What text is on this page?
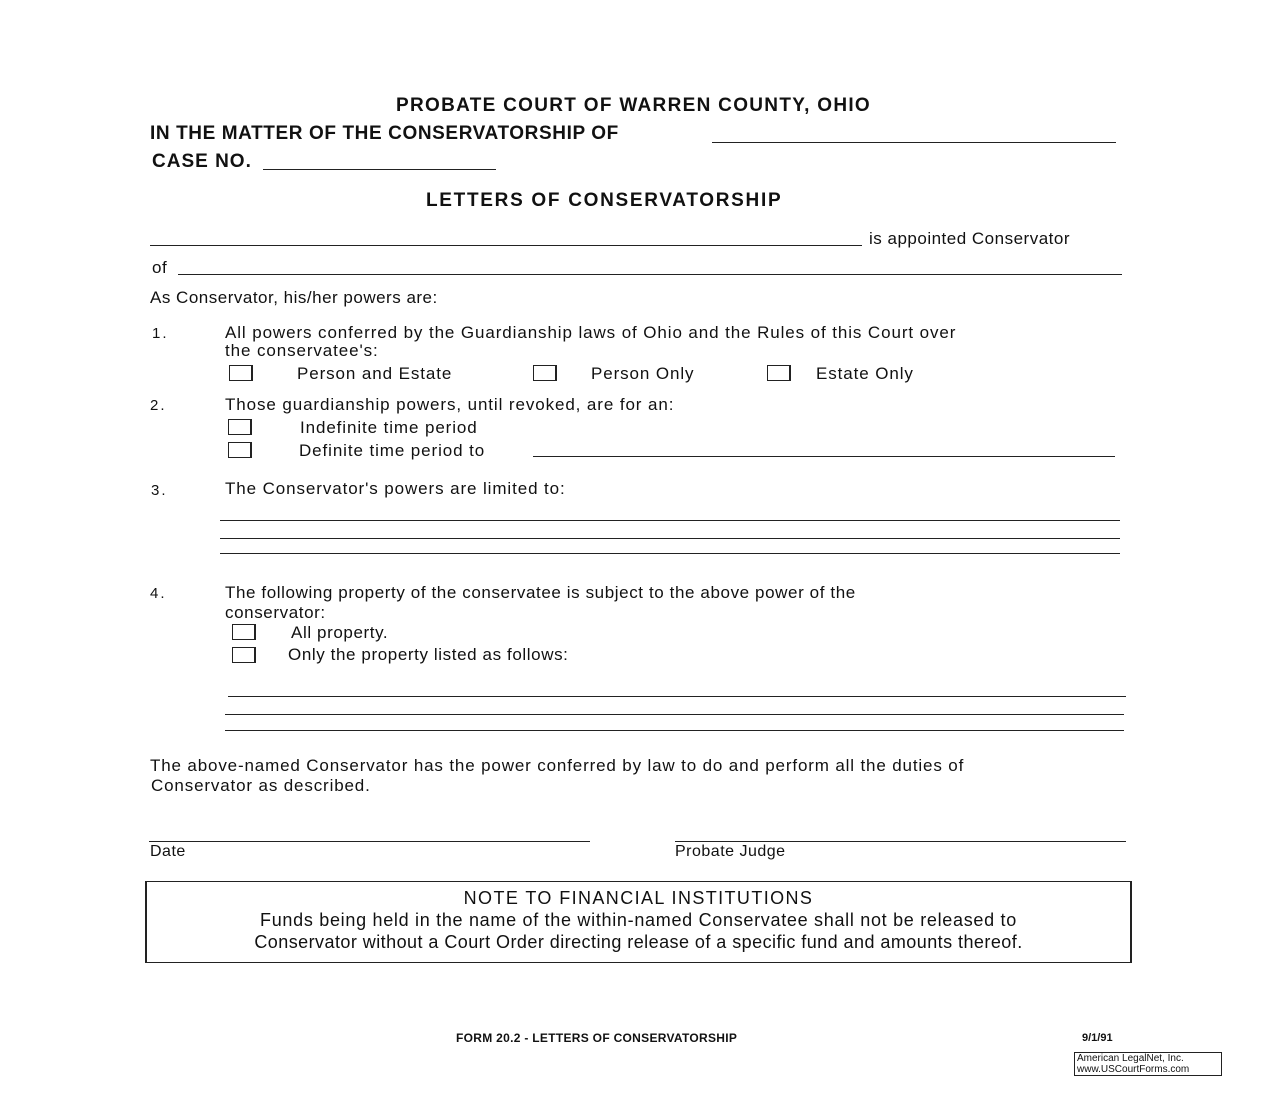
PROBATE COURT OF WARREN COUNTY, OHIO
IN THE MATTER OF THE CONSERVATORSHIP OF
CASE NO.
LETTERS OF CONSERVATORSHIP
is appointed Conservator
of
As Conservator, his/her powers are:
1.	All powers conferred by the Guardianship laws of Ohio and the Rules of this Court over
the conservatee's:
Person and Estate	Person Only	Estate Only
2.	Those guardianship powers, until revoked, are for an:
Indefinite time period
Definite time period to
3.	The Conservator's powers are limited to:
4.	The following property of the conservatee is subject to the above power of the
conservator:
All property.
Only the property listed as follows:
The above-named Conservator has the power conferred by law to do and perform all the duties of
Conservator as described.
Date	Probate Judge
NOTE TO FINANCIAL INSTITUTIONS
Funds being held in the name of the within-named Conservatee shall not be released to
Conservator without a Court Order directing release of a specific fund and amounts thereof.
FORM 20.2 - LETTERS OF CONSERVATORSHIP	9/1/91
American LegalNet, Inc.
www.USCourtForms.com
